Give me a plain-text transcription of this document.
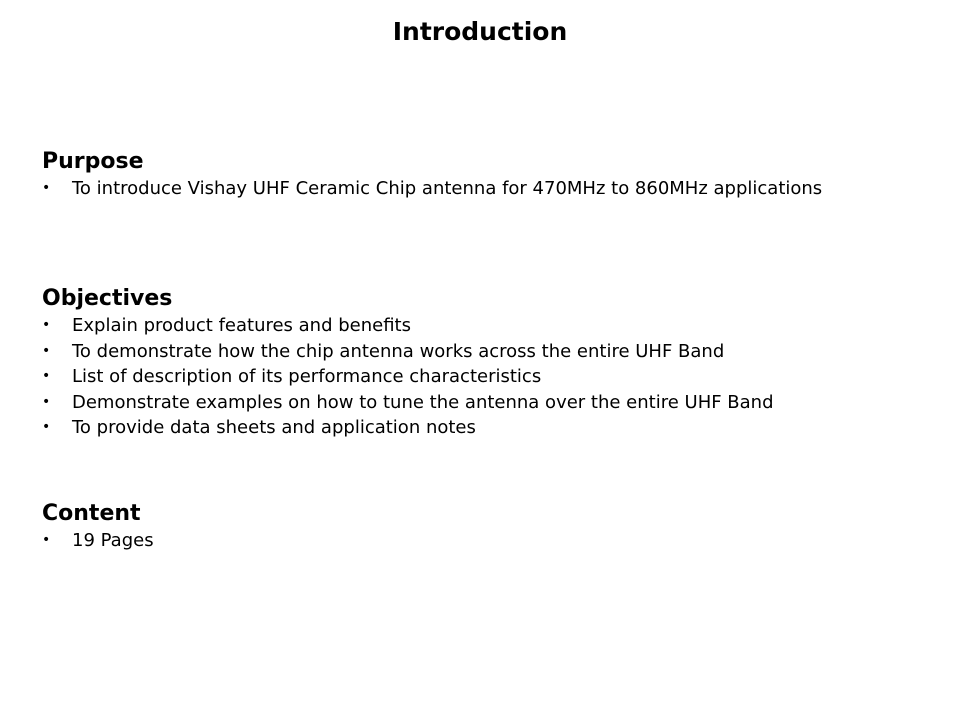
Introduction
Purpose
• To introduce Vishay UHF Ceramic Chip antenna for 470MHz to 860MHz applications
Objectives
• Explain product features and benefits
• To demonstrate how the chip antenna works across the entire UHF Band
• List of description of its performance characteristics
• Demonstrate examples on how to tune the antenna over the entire UHF Band
• To provide data sheets and application notes
Content
• 19 Pages
